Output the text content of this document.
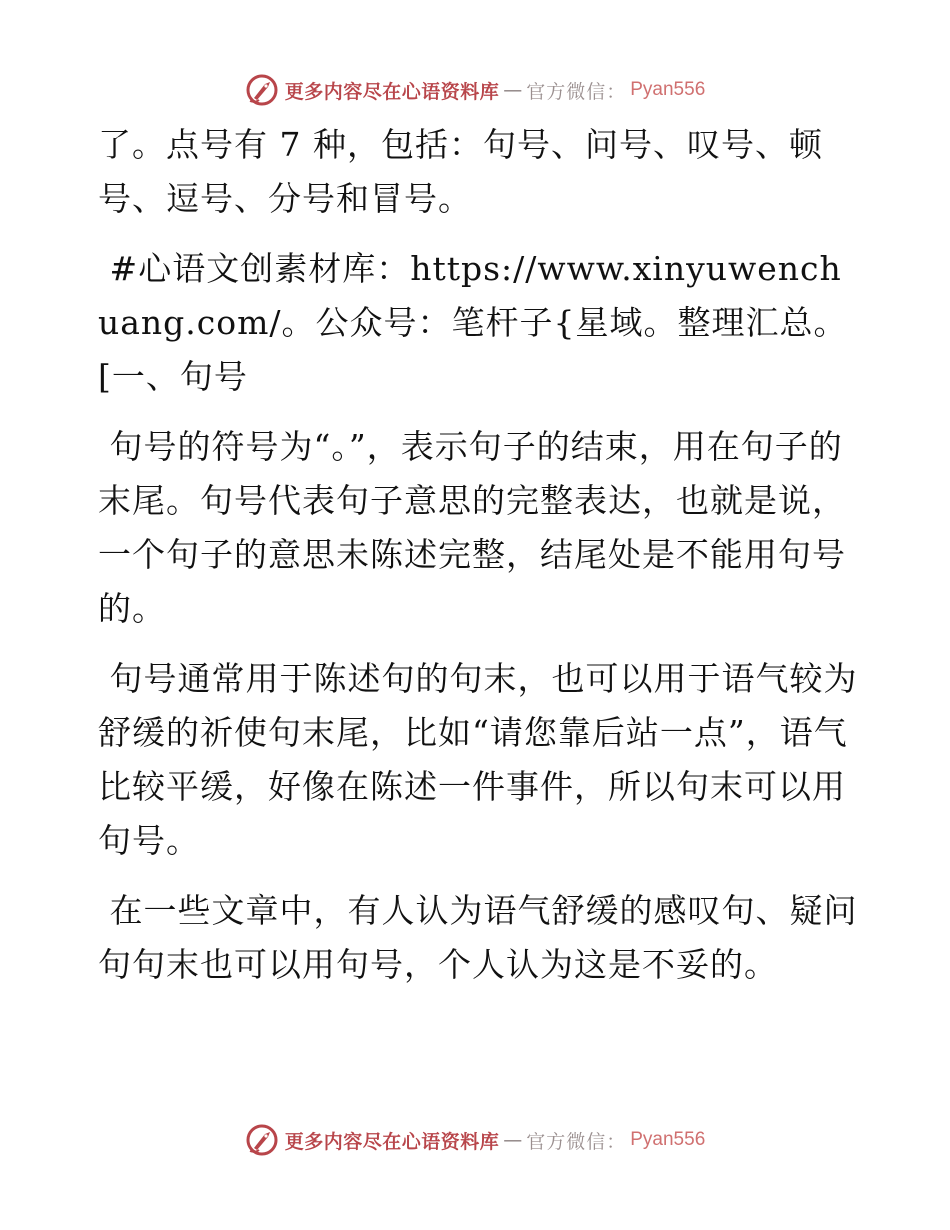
更多内容尽在心语资料库 — 官方微信： Pyan556

了。点号有 7 种，包括：句号、问号、叹号、顿号、逗号、分号和冒号。

#心语文创素材库：https://www.xinyuwenchuang.com/。公众号：笔杆子{星域。整理汇总。[一、句号

句号的符号为“。”，表示句子的结束，用在句子的末尾。句号代表句子意思的完整表达，也就是说，一个句子的意思未陈述完整，结尾处是不能用句号的。

句号通常用于陈述句的句末，也可以用于语气较为舒缓的祈使句末尾，比如“请您靠后站一点”，语气比较平缓，好像在陈述一件事件，所以句末可以用句号。

在一些文章中，有人认为语气舒缓的感叹句、疑问句句末也可以用句号，个人认为这是不妥的。

更多内容尽在心语资料库 — 官方微信： Pyan556
